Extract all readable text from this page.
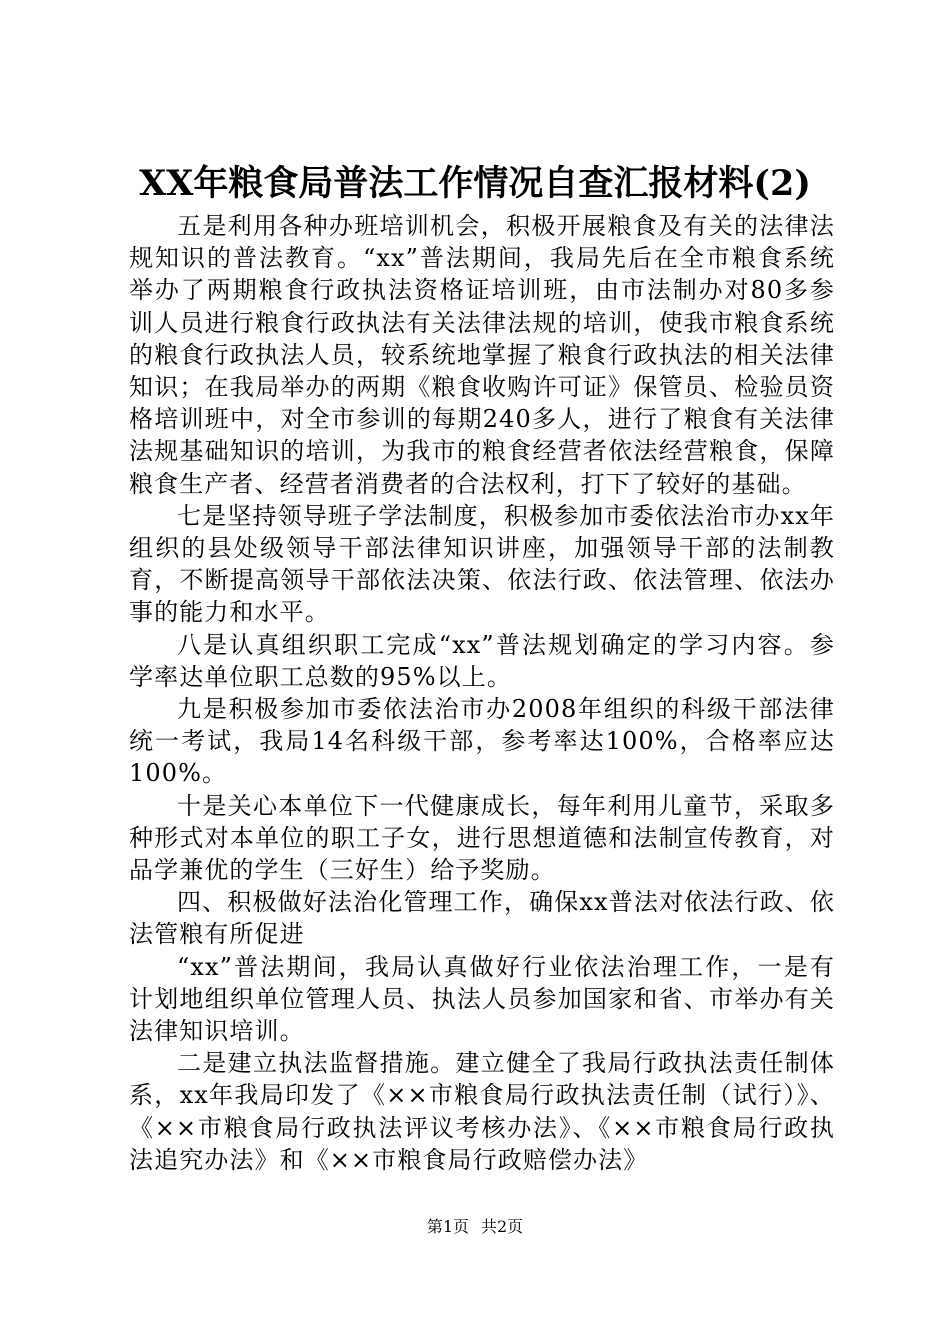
XX年粮食局普法工作情况自查汇报材料(2)

五是利用各种办班培训机会，积极开展粮食及有关的法律法规知识的普法教育。“xx”普法期间，我局先后在全市粮食系统举办了两期粮食行政执法资格证培训班，由市法制办对80多参训人员进行粮食行政执法有关法律法规的培训，使我市粮食系统的粮食行政执法人员，较系统地掌握了粮食行政执法的相关法律知识；在我局举办的两期《粮食收购许可证》保管员、检验员资格培训班中，对全市参训的每期240多人，进行了粮食有关法律法规基础知识的培训，为我市的粮食经营者依法经营粮食，保障粮食生产者、经营者消费者的合法权利，打下了较好的基础。

七是坚持领导班子学法制度，积极参加市委依法治市办xx年组织的县处级领导干部法律知识讲座，加强领导干部的法制教育，不断提高领导干部依法决策、依法行政、依法管理、依法办事的能力和水平。

八是认真组织职工完成“xx”普法规划确定的学习内容。参学率达单位职工总数的95%以上。

九是积极参加市委依法治市办2008年组织的科级干部法律统一考试，我局14名科级干部，参考率达100%，合格率应达100%。

十是关心本单位下一代健康成长，每年利用儿童节，采取多种形式对本单位的职工子女，进行思想道德和法制宣传教育，对品学兼优的学生（三好生）给予奖励。

四、积极做好法治化管理工作，确保xx普法对依法行政、依法管粮有所促进

“xx”普法期间，我局认真做好行业依法治理工作，一是有计划地组织单位管理人员、执法人员参加国家和省、市举办有关法律知识培训。

二是建立执法监督措施。建立健全了我局行政执法责任制体系，xx年我局印发了《××市粮食局行政执法责任制（试行）》、《××市粮食局行政执法评议考核办法》、《××市粮食局行政执法追究办法》和《××市粮食局行政赔偿办法》

第1页 共2页
